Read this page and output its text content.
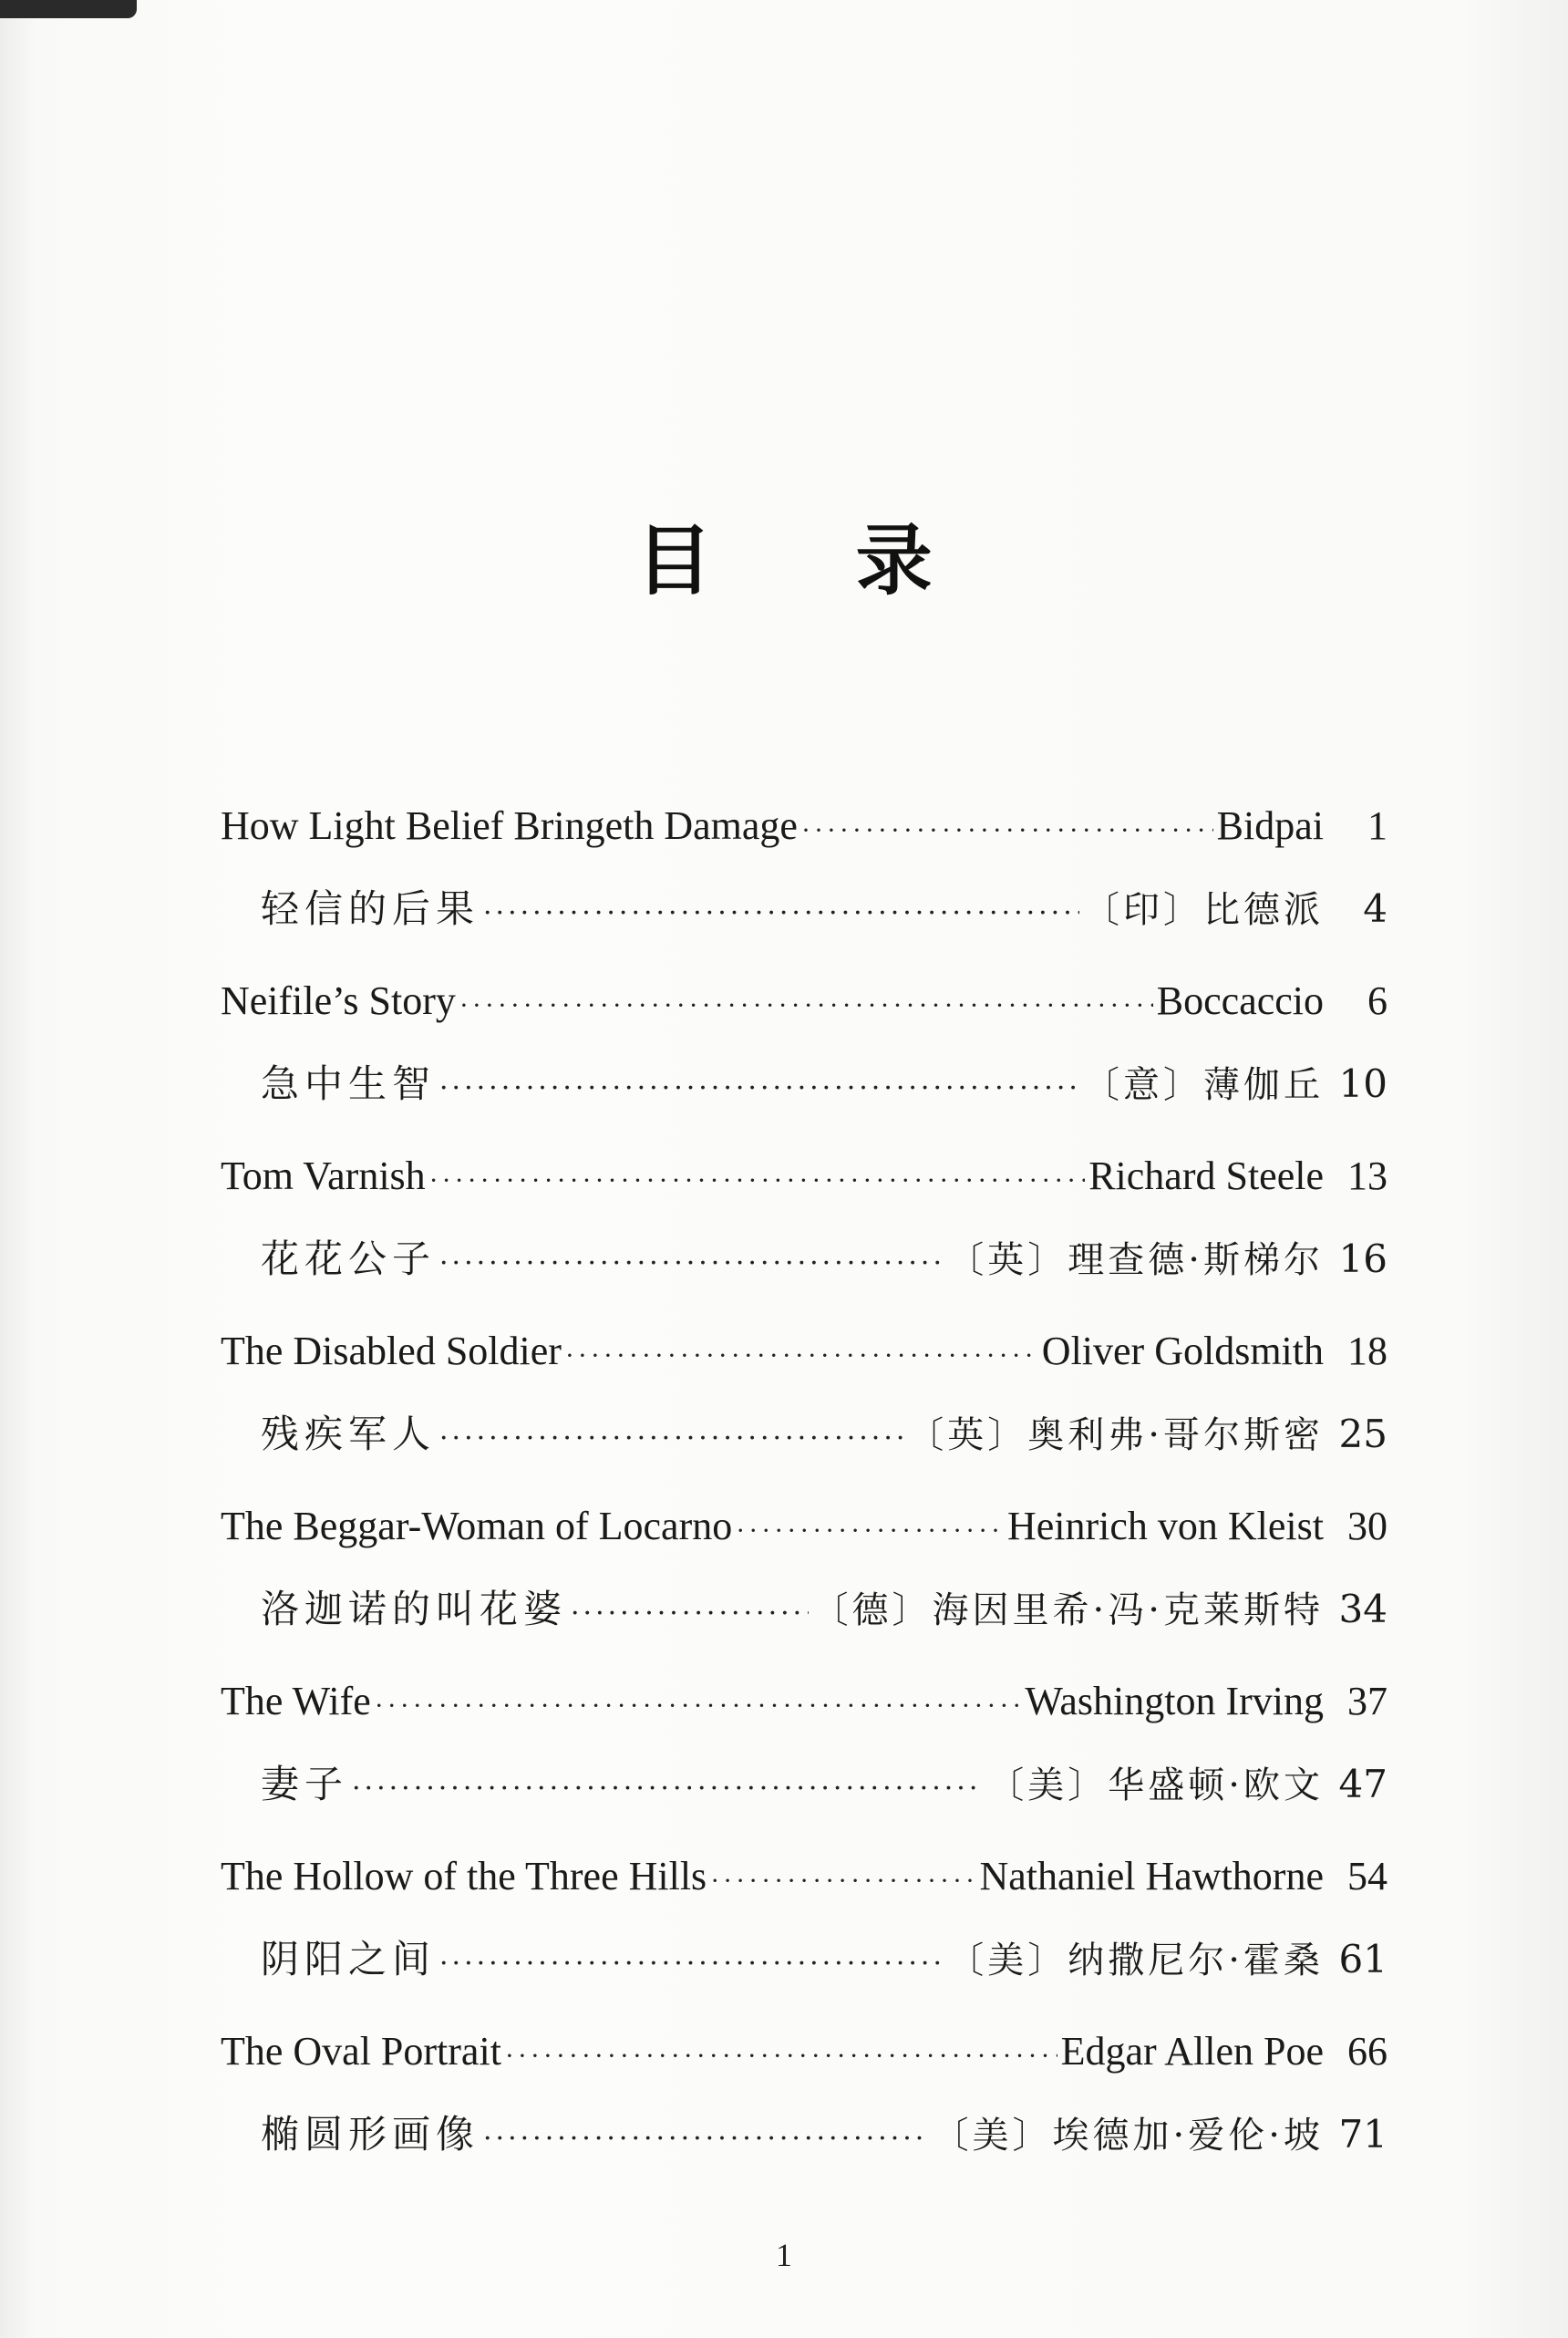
目 录
How Light Belief Bringeth Damage ·····	Bidpai	1
轻信的后果 ·····	〔印〕比德派	4
Neifile’s Story ·····	Boccaccio	6
急中生智 ·····	〔意〕薄伽丘 10
Tom Varnish ·····	Richard Steele 13
花花公子 ·····	〔英〕理查德·斯梯尔 16
The Disabled Soldier ·····	Oliver Goldsmith 18
残疾军人 ·····	〔英〕奥利弗·哥尔斯密 25
The Beggar-Woman of Locarno ·····	Heinrich von Kleist 30
洛迦诺的叫花婆 ·····	〔德〕海因里希·冯·克莱斯特 34
The Wife ·····	Washington Irving 37
妻子 ·····	〔美〕华盛顿·欧文 47
The Hollow of the Three Hills ·····	Nathaniel Hawthorne 54
阴阳之间 ·····	〔美〕纳撒尼尔·霍桑 61
The Oval Portrait ·····	Edgar Allen Poe 66
椭圆形画像 ·····	〔美〕埃德加·爱伦·坡 71
1
